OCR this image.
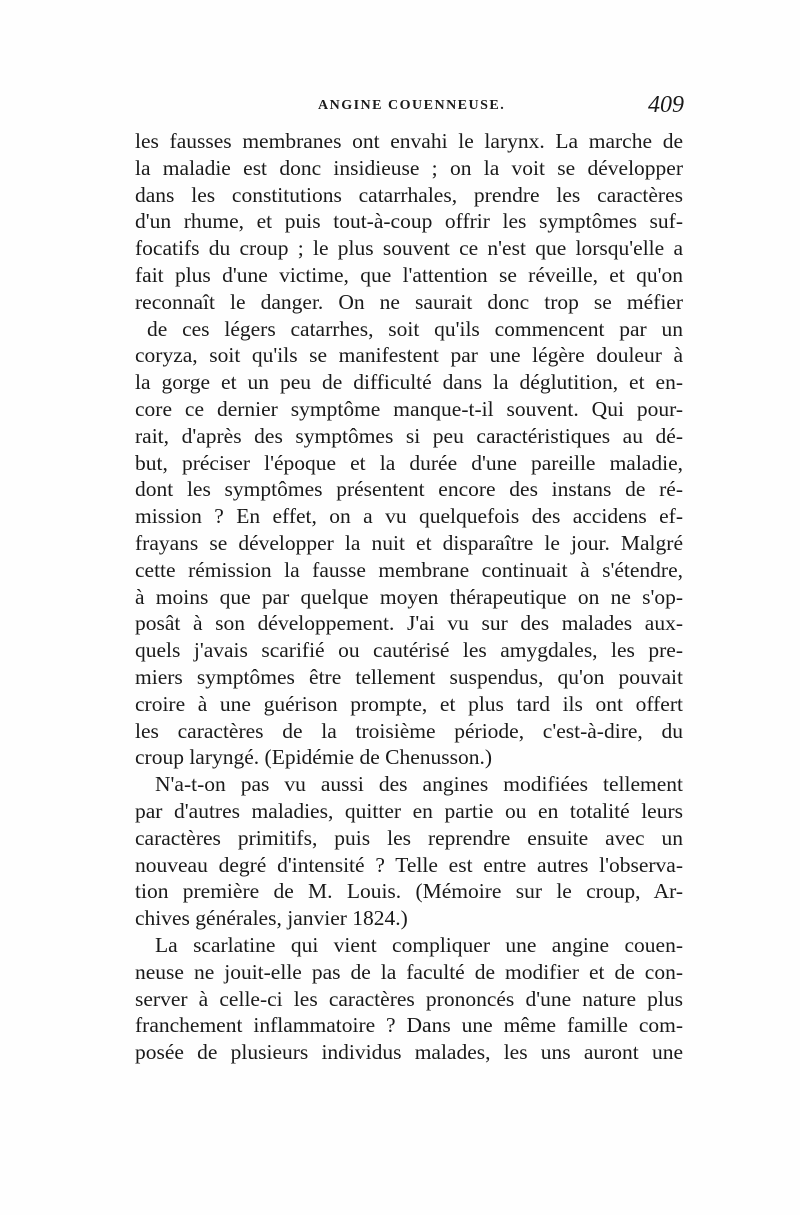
ANGINE COUENNEUSE.	409
les fausses membranes ont envahi le larynx. La marche de
la maladie est donc insidieuse ; on la voit se développer
dans les constitutions catarrhales, prendre les caractères
d'un rhume, et puis tout-à-coup offrir les symptômes suf-
focatifs du croup ; le plus souvent ce n'est que lorsqu'elle a
fait plus d'une victime, que l'attention se réveille, et qu'on
reconnaît le danger. On ne saurait donc trop se méfier
de ces légers catarrhes, soit qu'ils commencent par un
coryza, soit qu'ils se manifestent par une légère douleur à
la gorge et un peu de difficulté dans la déglutition, et en-
core ce dernier symptôme manque-t-il souvent. Qui pour-
rait, d'après des symptômes si peu caractéristiques au dé-
but, préciser l'époque et la durée d'une pareille maladie,
dont les symptômes présentent encore des instans de ré-
mission ? En effet, on a vu quelquefois des accidens ef-
frayans se développer la nuit et disparaître le jour. Malgré
cette rémission la fausse membrane continuait à s'étendre,
à moins que par quelque moyen thérapeutique on ne s'op-
posât à son développement. J'ai vu sur des malades aux-
quels j'avais scarifié ou cautérisé les amygdales, les pre-
miers symptômes être tellement suspendus, qu'on pouvait
croire à une guérison prompte, et plus tard ils ont offert
les caractères de la troisième période, c'est-à-dire, du
croup laryngé. (Epidémie de Chenusson.)
N'a-t-on pas vu aussi des angines modifiées tellement
par d'autres maladies, quitter en partie ou en totalité leurs
caractères primitifs, puis les reprendre ensuite avec un
nouveau degré d'intensité ? Telle est entre autres l'observa-
tion première de M. Louis. (Mémoire sur le croup, Ar-
chives générales, janvier 1824.)
La scarlatine qui vient compliquer une angine couen-
neuse ne jouit-elle pas de la faculté de modifier et de con-
server à celle-ci les caractères prononcés d'une nature plus
franchement inflammatoire ? Dans une même famille com-
posée de plusieurs individus malades, les uns auront une
